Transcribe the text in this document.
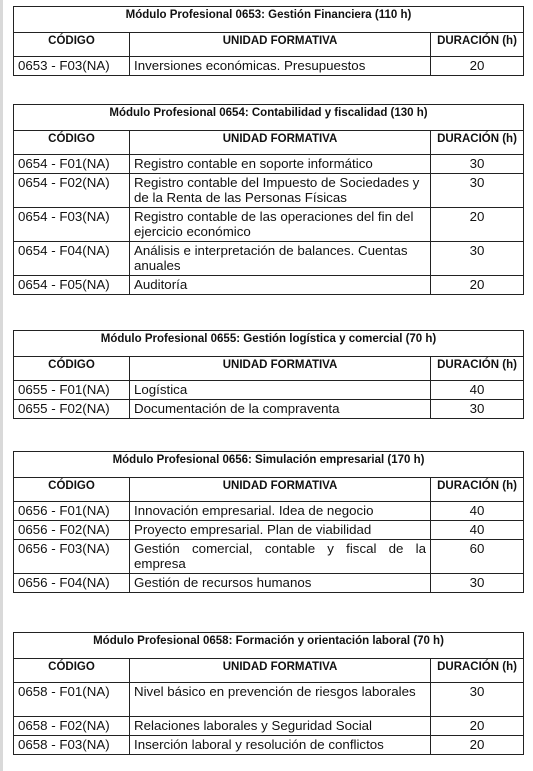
Módulo Profesional 0653: Gestión Financiera (110 h)		
CÓDIGO	UNIDAD FORMATIVA	DURACIÓN (h)
0653 - F03(NA)	Inversiones económicas. Presupuestos	20
Módulo Profesional 0654: Contabilidad y fiscalidad (130 h)		
CÓDIGO	UNIDAD FORMATIVA	DURACIÓN (h)
0654 - F01(NA)	Registro contable en soporte informático	30
0654 - F02(NA)	Registro contable del Impuesto de Sociedades y de la Renta de las Personas Físicas	30
0654 - F03(NA)	Registro contable de las operaciones del fin del ejercicio económico	20
0654 - F04(NA)	Análisis e interpretación de balances. Cuentas anuales	30
0654 - F05(NA)	Auditoría	20
Módulo Profesional 0655: Gestión logística y comercial (70 h)		
CÓDIGO	UNIDAD FORMATIVA	DURACIÓN (h)
0655 - F01(NA)	Logística	40
0655 - F02(NA)	Documentación de la compraventa	30
Módulo Profesional 0656: Simulación empresarial (170 h)		
CÓDIGO	UNIDAD FORMATIVA	DURACIÓN (h)
0656 - F01(NA)	Innovación empresarial. Idea de negocio	40
0656 - F02(NA)	Proyecto empresarial. Plan de viabilidad	40
0656 - F03(NA)	Gestión comercial, contable y fiscal de la empresa	60
0656 - F04(NA)	Gestión de recursos humanos	30
Módulo Profesional 0658: Formación y orientación laboral (70 h)		
CÓDIGO	UNIDAD FORMATIVA	DURACIÓN (h)
0658 - F01(NA)	Nivel básico en prevención de riesgos laborales	30
0658 - F02(NA)	Relaciones laborales y Seguridad Social	20
0658 - F03(NA)	Inserción laboral y resolución de conflictos	20
